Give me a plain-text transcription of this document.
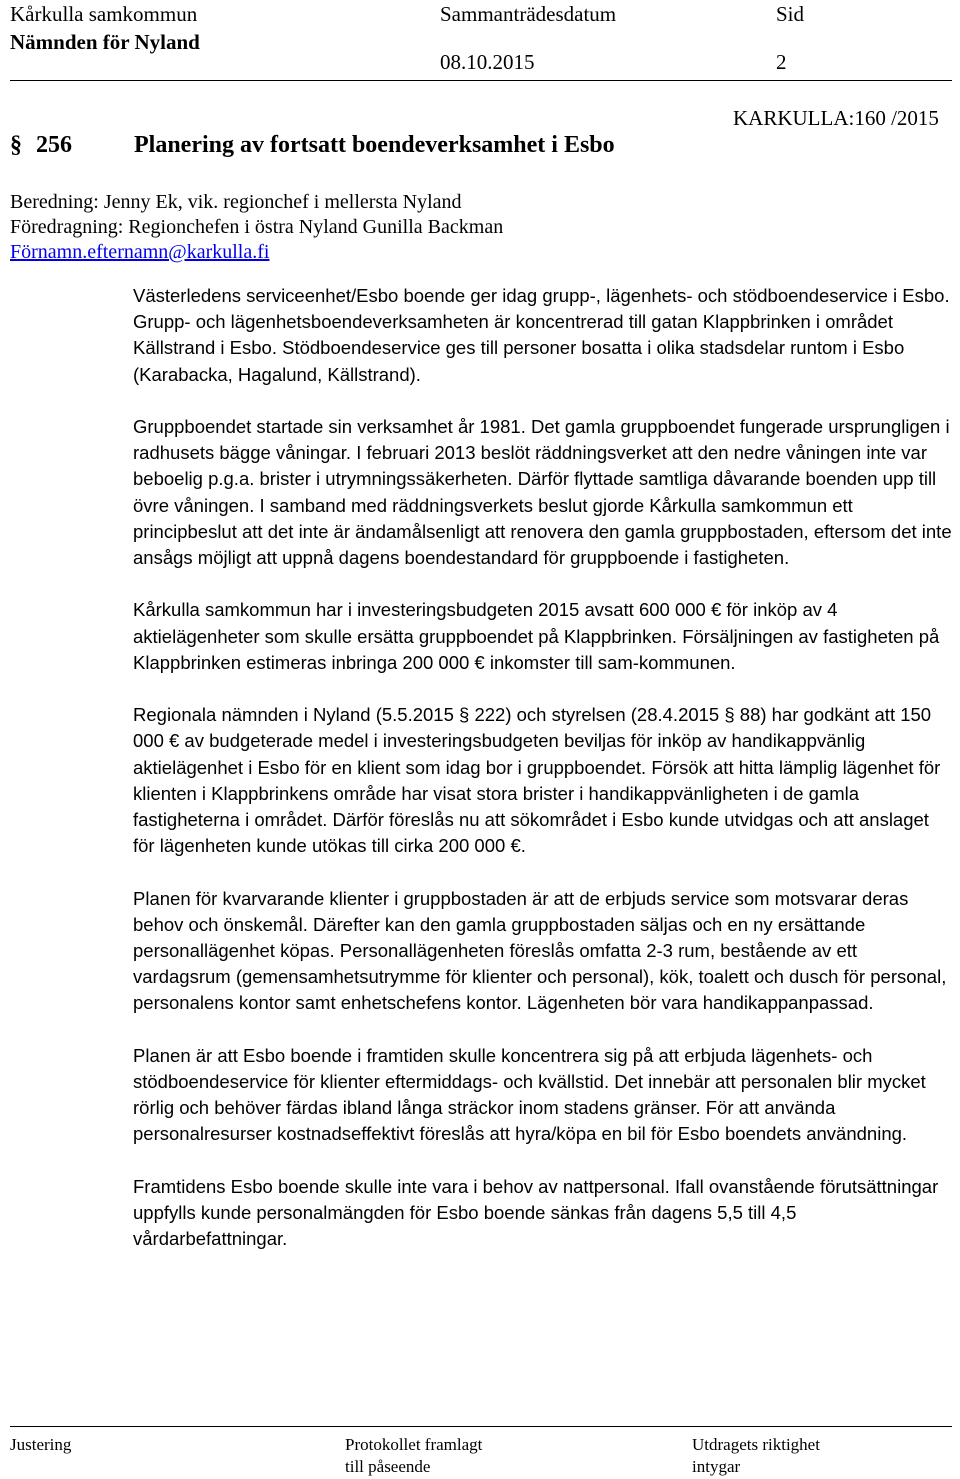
Kårkulla samkommun
Nämnden för Nyland
Sammanträdesdatum
08.10.2015
Sid
2
KARKULLA:160 /2015
§ 256	Planering av fortsatt boendeverksamhet i Esbo
Beredning: Jenny Ek, vik. regionchef i mellersta Nyland
Föredragning: Regionchefen i östra Nyland Gunilla Backman
Förnamn.efternamn@karkulla.fi

Västerledens serviceenhet/Esbo boende ger idag grupp-, lägenhets- och stödboendeservice i Esbo. Grupp- och lägenhetsboendeverksamheten är koncentrerad till gatan Klappbrinken i området Källstrand i Esbo. Stödboendeservice ges till personer bosatta i olika stadsdelar runtom i Esbo (Karabacka, Hagalund, Källstrand).

Gruppboendet startade sin verksamhet år 1981. Det gamla gruppboendet fungerade ursprungligen i radhusets bägge våningar. I februari 2013 beslöt räddningsverket att den nedre våningen inte var beboelig p.g.a. brister i utrymningssäkerheten. Därför flyttade samtliga dåvarande boenden upp till övre våningen. I samband med räddningsverkets beslut gjorde Kårkulla samkommun ett principbeslut att det inte är ändamålsenligt att renovera den gamla gruppbostaden, eftersom det inte ansågs möjligt att uppnå dagens boendestandard för gruppboende i fastigheten.

Kårkulla samkommun har i investeringsbudgeten 2015 avsatt 600 000 € för inköp av 4 aktielägenheter som skulle ersätta gruppboendet på Klappbrinken. Försäljningen av fastigheten på Klappbrinken estimeras inbringa 200 000 € inkomster till sam-kommunen.

Regionala nämnden i Nyland (5.5.2015 § 222) och styrelsen (28.4.2015 § 88) har godkänt att 150 000 € av budgeterade medel i investeringsbudgeten beviljas för inköp av handikappvänlig aktielägenhet i Esbo för en klient som idag bor i gruppboendet. Försök att hitta lämplig lägenhet för klienten i Klappbrinkens område har visat stora brister i handikappvänligheten i de gamla fastigheterna i området. Därför föreslås nu att sökområdet i Esbo kunde utvidgas och att anslaget för lägenheten kunde utökas till cirka 200 000 €.

Planen för kvarvarande klienter i gruppbostaden är att de erbjuds service som motsvarar deras behov och önskemål. Därefter kan den gamla gruppbostaden säljas och en ny ersättande personallägenhet köpas. Personallägenheten föreslås omfatta 2-3 rum, bestående av ett vardagsrum (gemensamhetsutrymme för klienter och personal), kök, toalett och dusch för personal, personalens kontor samt enhetschefens kontor. Lägenheten bör vara handikappanpassad.

Planen är att Esbo boende i framtiden skulle koncentrera sig på att erbjuda lägenhets- och stödboendeservice för klienter eftermiddags- och kvällstid. Det innebär att personalen blir mycket rörlig och behöver färdas ibland långa sträckor inom stadens gränser. För att använda personalresurser kostnadseffektivt föreslås att hyra/köpa en bil för Esbo boendets användning.

Framtidens Esbo boende skulle inte vara i behov av nattpersonal. Ifall ovanstående förutsättningar uppfylls kunde personalmängden för Esbo boende sänkas från dagens 5,5 till 4,5 vårdarbefattningar.

Justering	Protokollet framlagt
till påseende
Utdragets riktighet
intygar
